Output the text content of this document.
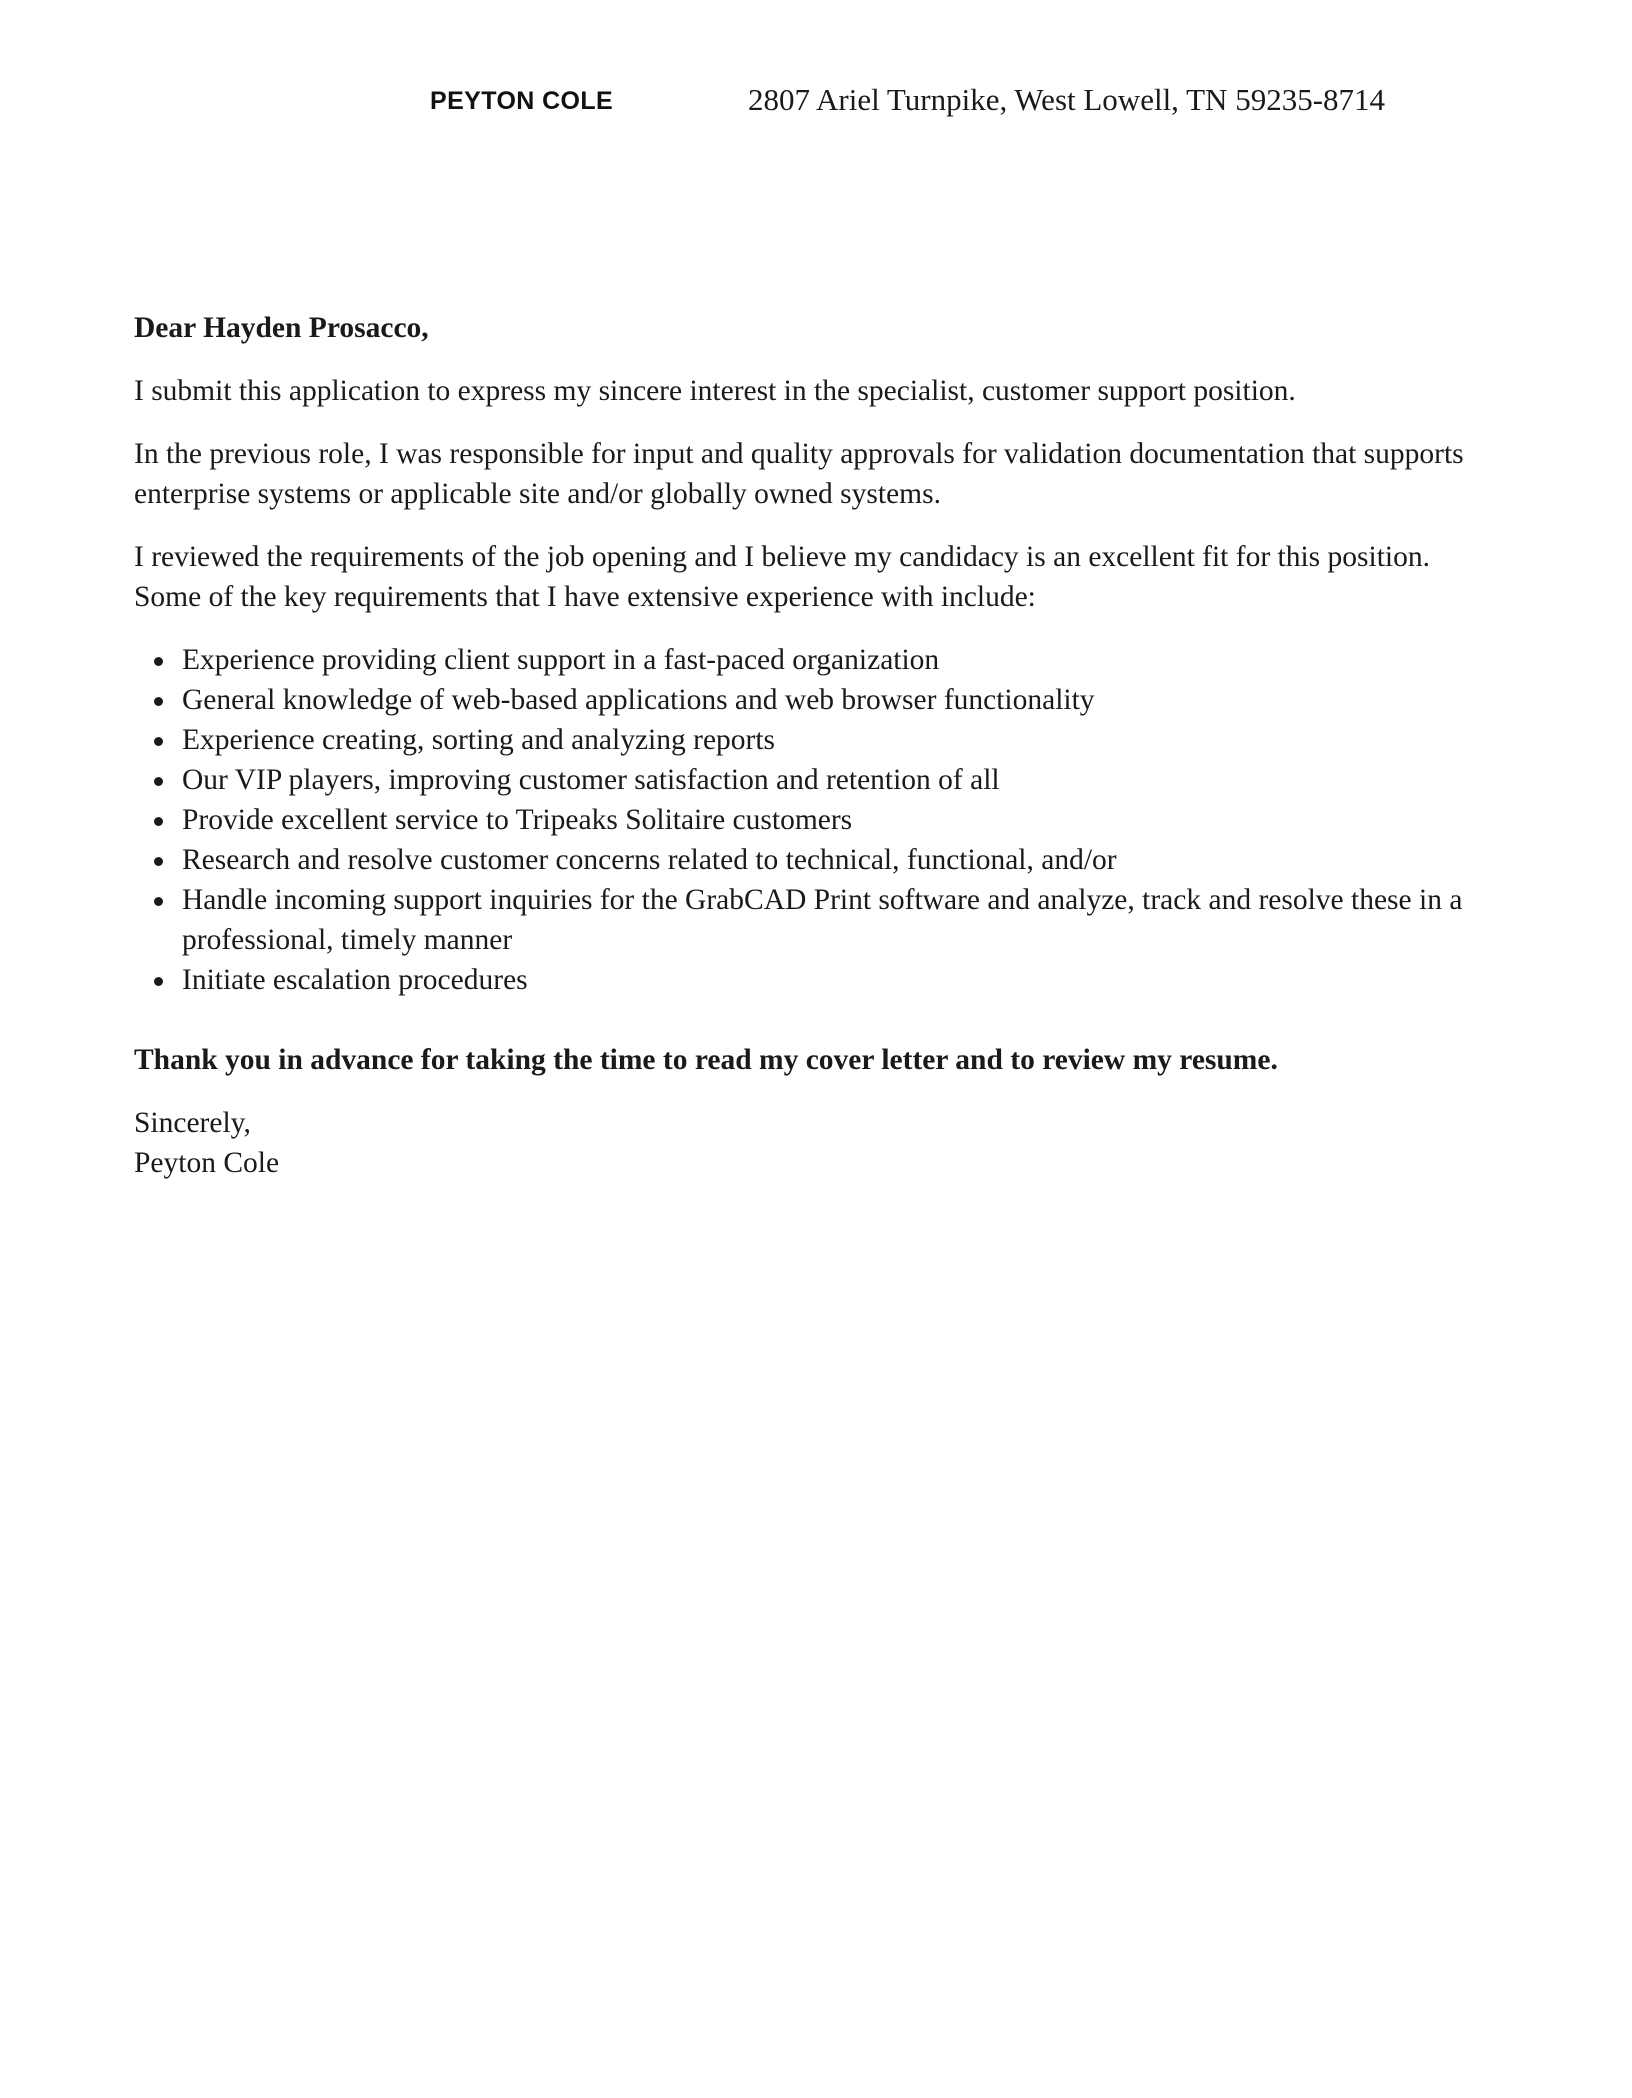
PEYTON COLE	2807 Ariel Turnpike, West Lowell, TN 59235-8714

Dear Hayden Prosacco,

I submit this application to express my sincere interest in the specialist, customer support position.

In the previous role, I was responsible for input and quality approvals for validation documentation that supports enterprise systems or applicable site and/or globally owned systems.

I reviewed the requirements of the job opening and I believe my candidacy is an excellent fit for this position. Some of the key requirements that I have extensive experience with include:

Experience providing client support in a fast-paced organization
General knowledge of web-based applications and web browser functionality
Experience creating, sorting and analyzing reports
Our VIP players, improving customer satisfaction and retention of all
Provide excellent service to Tripeaks Solitaire customers
Research and resolve customer concerns related to technical, functional, and/or
Handle incoming support inquiries for the GrabCAD Print software and analyze, track and resolve these in a professional, timely manner
Initiate escalation procedures

Thank you in advance for taking the time to read my cover letter and to review my resume.

Sincerely,

Peyton Cole
